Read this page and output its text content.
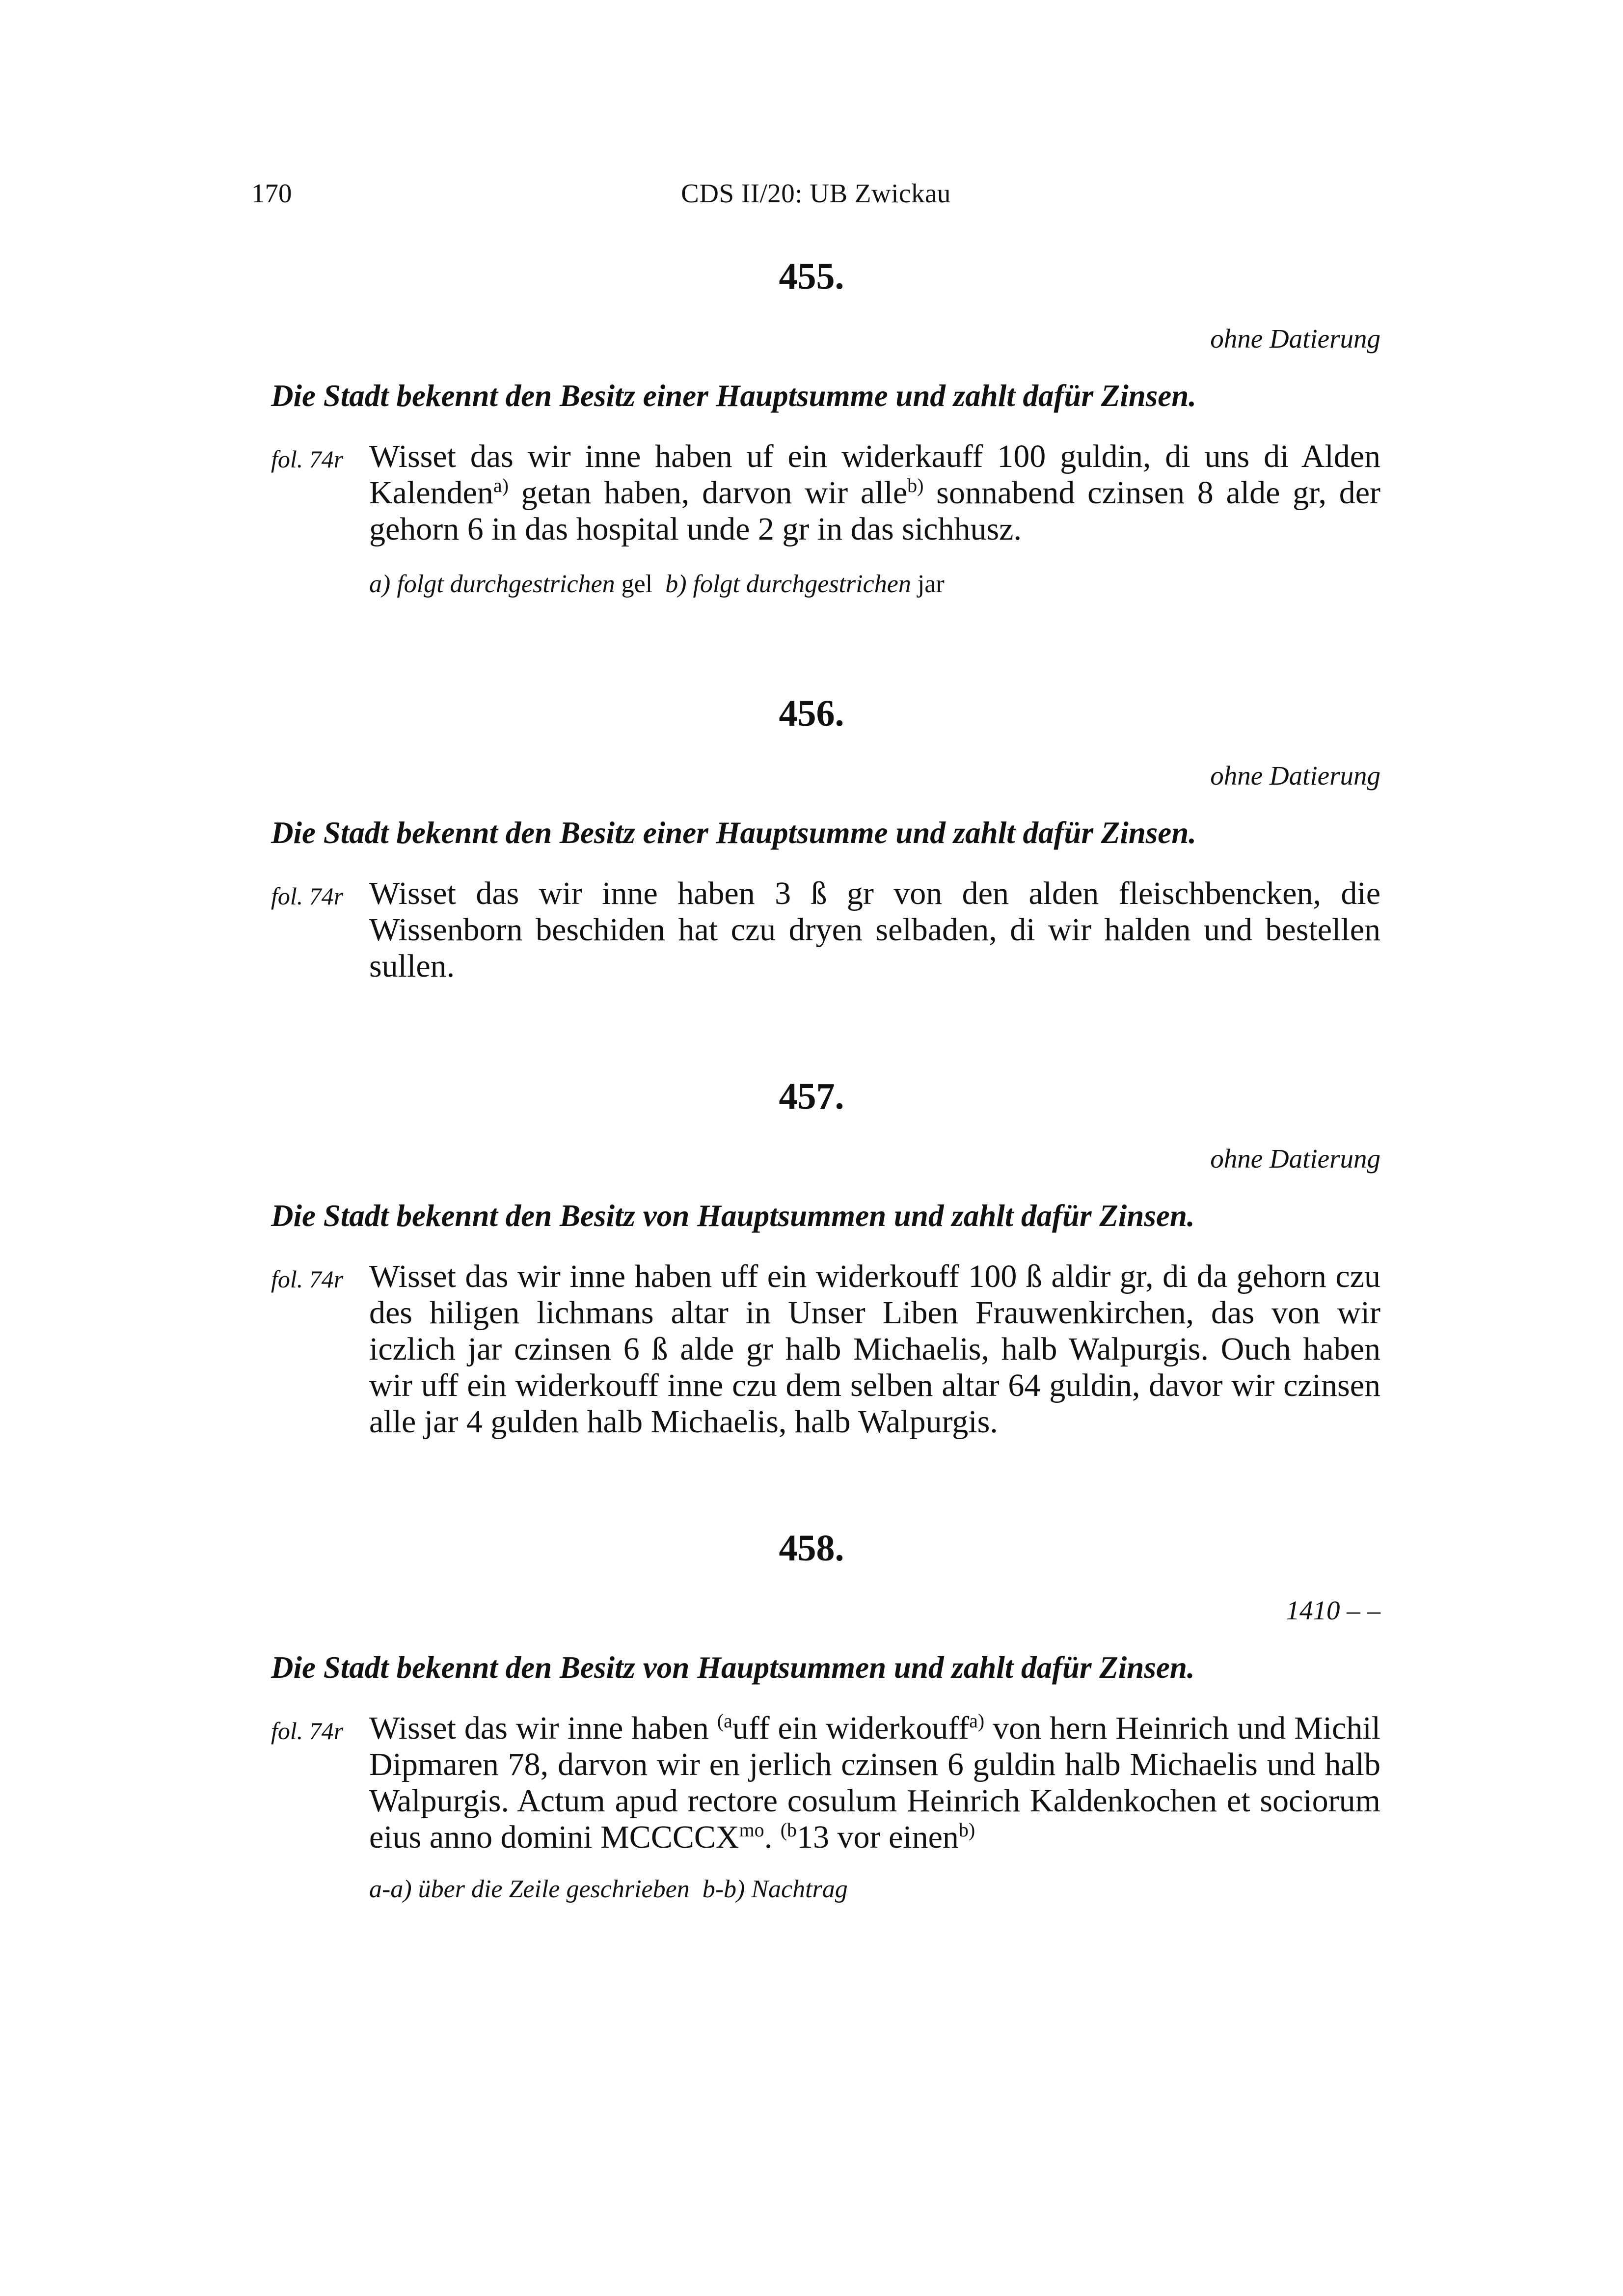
170	CDS II/20: UB Zwickau
455.
ohne Datierung
Die Stadt bekennt den Besitz einer Hauptsumme und zahlt dafür Zinsen.
fol. 74r Wisset das wir inne haben uf ein widerkauff 100 guldin, di uns di Alden Kalenden$^{a)}$ getan haben, darvon wir alle$^{b)}$ sonnabend czinsen 8 alde gr, der gehorn 6 in das hospital unde 2 gr in das sichhusz.
a) folgt durchgestrichen gel  b) folgt durchgestrichen jar
456.
ohne Datierung
Die Stadt bekennt den Besitz einer Hauptsumme und zahlt dafür Zinsen.
fol. 74r Wisset das wir inne haben 3 ß gr von den alden fleischbencken, die Wissenborn beschiden hat czu dryen selbaden, di wir halden und bestellen sullen.
457.
ohne Datierung
Die Stadt bekennt den Besitz von Hauptsummen und zahlt dafür Zinsen.
fol. 74r Wisset das wir inne haben uff ein widerkouff 100 ß aldir gr, di da gehorn czu des hiligen lichmans altar in Unser Liben Frauwenkirchen, das von wir iczlich jar czinsen 6 ß alde gr halb Michaelis, halb Walpurgis. Ouch haben wir uff ein widerkouff inne czu dem selben altar 64 guldin, davor wir czinsen alle jar 4 gulden halb Michaelis, halb Walpurgis.
458.
1410 – –
Die Stadt bekennt den Besitz von Hauptsummen und zahlt dafür Zinsen.
fol. 74r Wisset das wir inne haben $^{(a}$uff ein widerkouff$^{a)}$ von hern Heinrich und Michil Dipmaren 78, darvon wir en jerlich czinsen 6 guldin halb Michaelis und halb Walpurgis. Actum apud rectore cosulum Heinrich Kaldenkochen et sociorum eius anno domini $MCCCCX^{mo}$. $^{(b}$13 vor einen$^{b)}$
a-a) über die Zeile geschrieben  b-b) Nachtrag
